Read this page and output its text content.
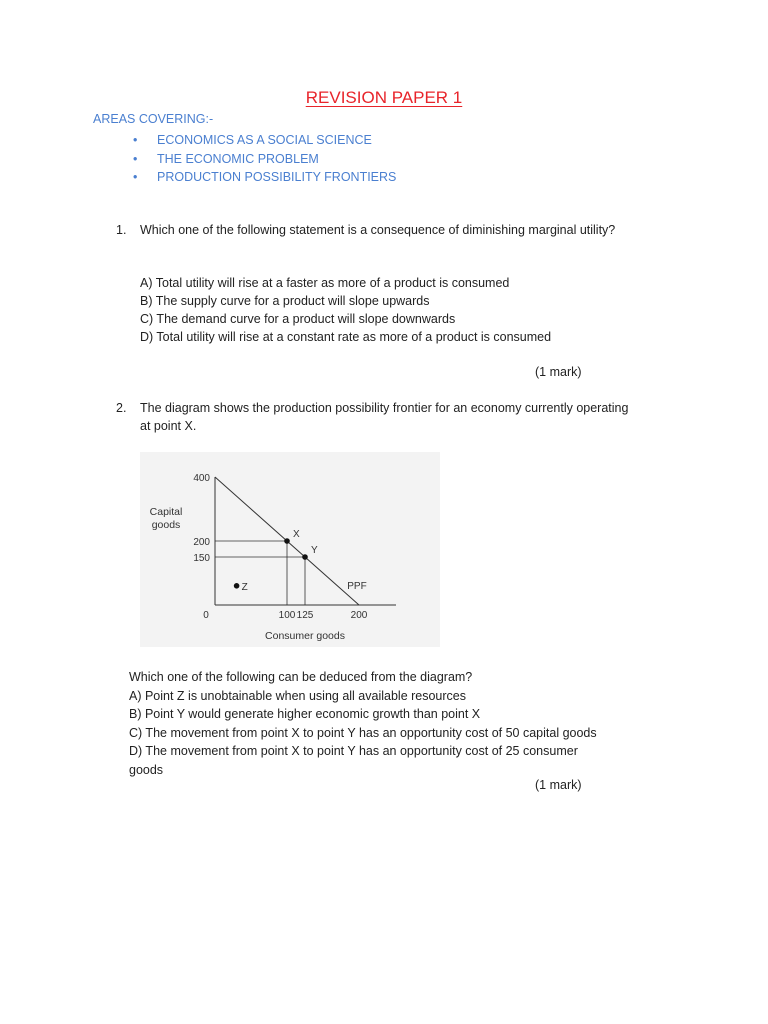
REVISION PAPER 1
AREAS COVERING:-
• ECONOMICS AS A SOCIAL SCIENCE
• THE ECONOMIC PROBLEM
• PRODUCTION POSSIBILITY FRONTIERS
1. Which one of the following statement is a consequence of diminishing marginal utility?
A) Total utility will rise at a faster as more of a product is consumed
B) The supply curve for a product will slope upwards
C) The demand curve for a product will slope downwards
D) Total utility will rise at a constant rate as more of a product is consumed
(1 mark)
2. The diagram shows the production possibility frontier for an economy currently operating at point X.
Capital
goods
Consumer goods
0
PPF
X
Y
Z
400
200
150
100 125	200
Which one of the following can be deduced from the diagram?
A) Point Z is unobtainable when using all available resources
B) Point Y would generate higher economic growth than point X
C) The movement from point X to point Y has an opportunity cost of 50 capital goods
D) The movement from point X to point Y has an opportunity cost of 25 consumer
goods
(1 mark)
